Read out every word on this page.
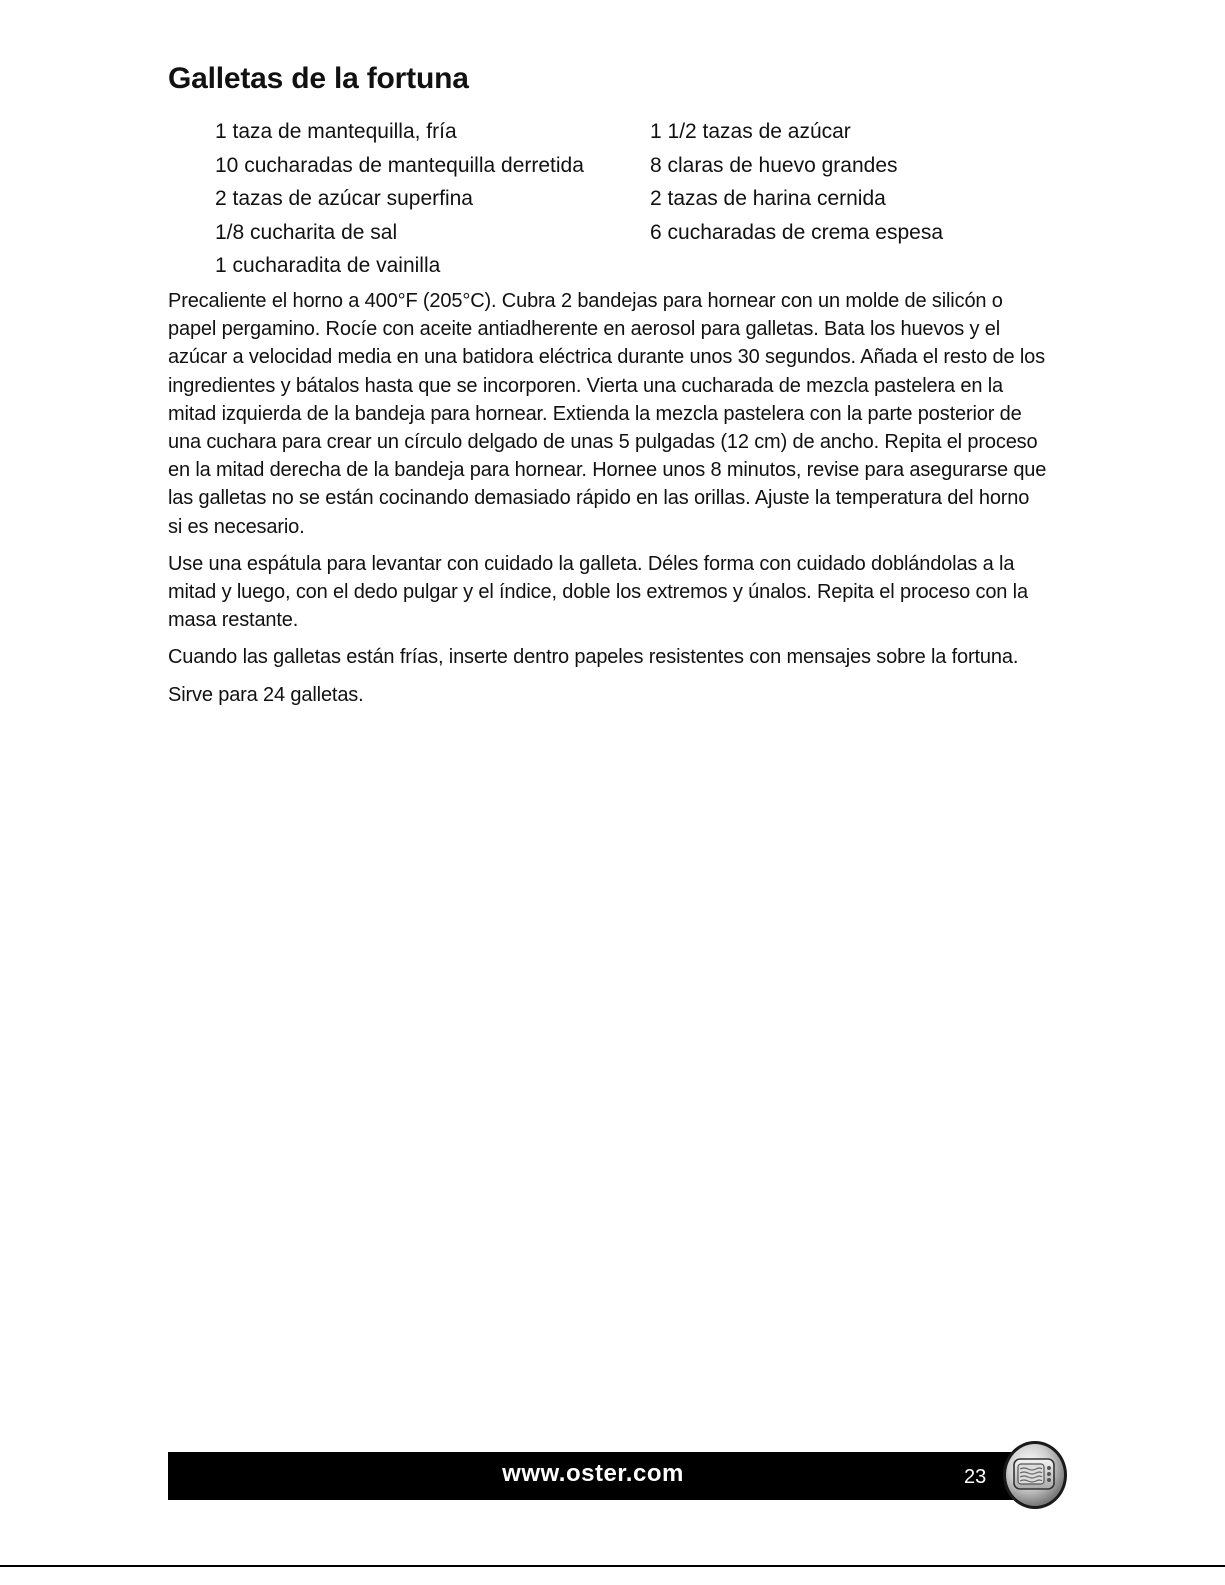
Galletas de la fortuna
1 taza de mantequilla, fría
10 cucharadas de mantequilla derretida
2 tazas de azúcar superfina
1/8 cucharita de sal
1 cucharadita de vainilla
1 1/2 tazas de azúcar
8 claras de huevo grandes
2 tazas de harina cernida
6 cucharadas de crema espesa

Precaliente el horno a 400°F (205°C). Cubra 2 bandejas para hornear con un molde de silicón o papel pergamino. Rocíe con aceite antiadherente en aerosol para galletas. Bata los huevos y el azúcar a velocidad media en una batidora eléctrica durante unos 30 segundos. Añada el resto de los ingredientes y bátalos hasta que se incorporen. Vierta una cucharada de mezcla pastelera en la mitad izquierda de la bandeja para hornear. Extienda la mezcla pastelera con la parte posterior de una cuchara para crear un círculo delgado de unas 5 pulgadas (12 cm) de ancho. Repita el proceso en la mitad derecha de la bandeja para hornear. Hornee unos 8 minutos, revise para asegurarse que las galletas no se están cocinando demasiado rápido en las orillas. Ajuste la temperatura del horno si es necesario.

Use una espátula para levantar con cuidado la galleta. Déles forma con cuidado doblándolas a la mitad y luego, con el dedo pulgar y el índice, doble los extremos y únalos. Repita el proceso con la masa restante.

Cuando las galletas están frías, inserte dentro papeles resistentes con mensajes sobre la fortuna.

Sirve para 24 galletas.

www.oster.com	23
